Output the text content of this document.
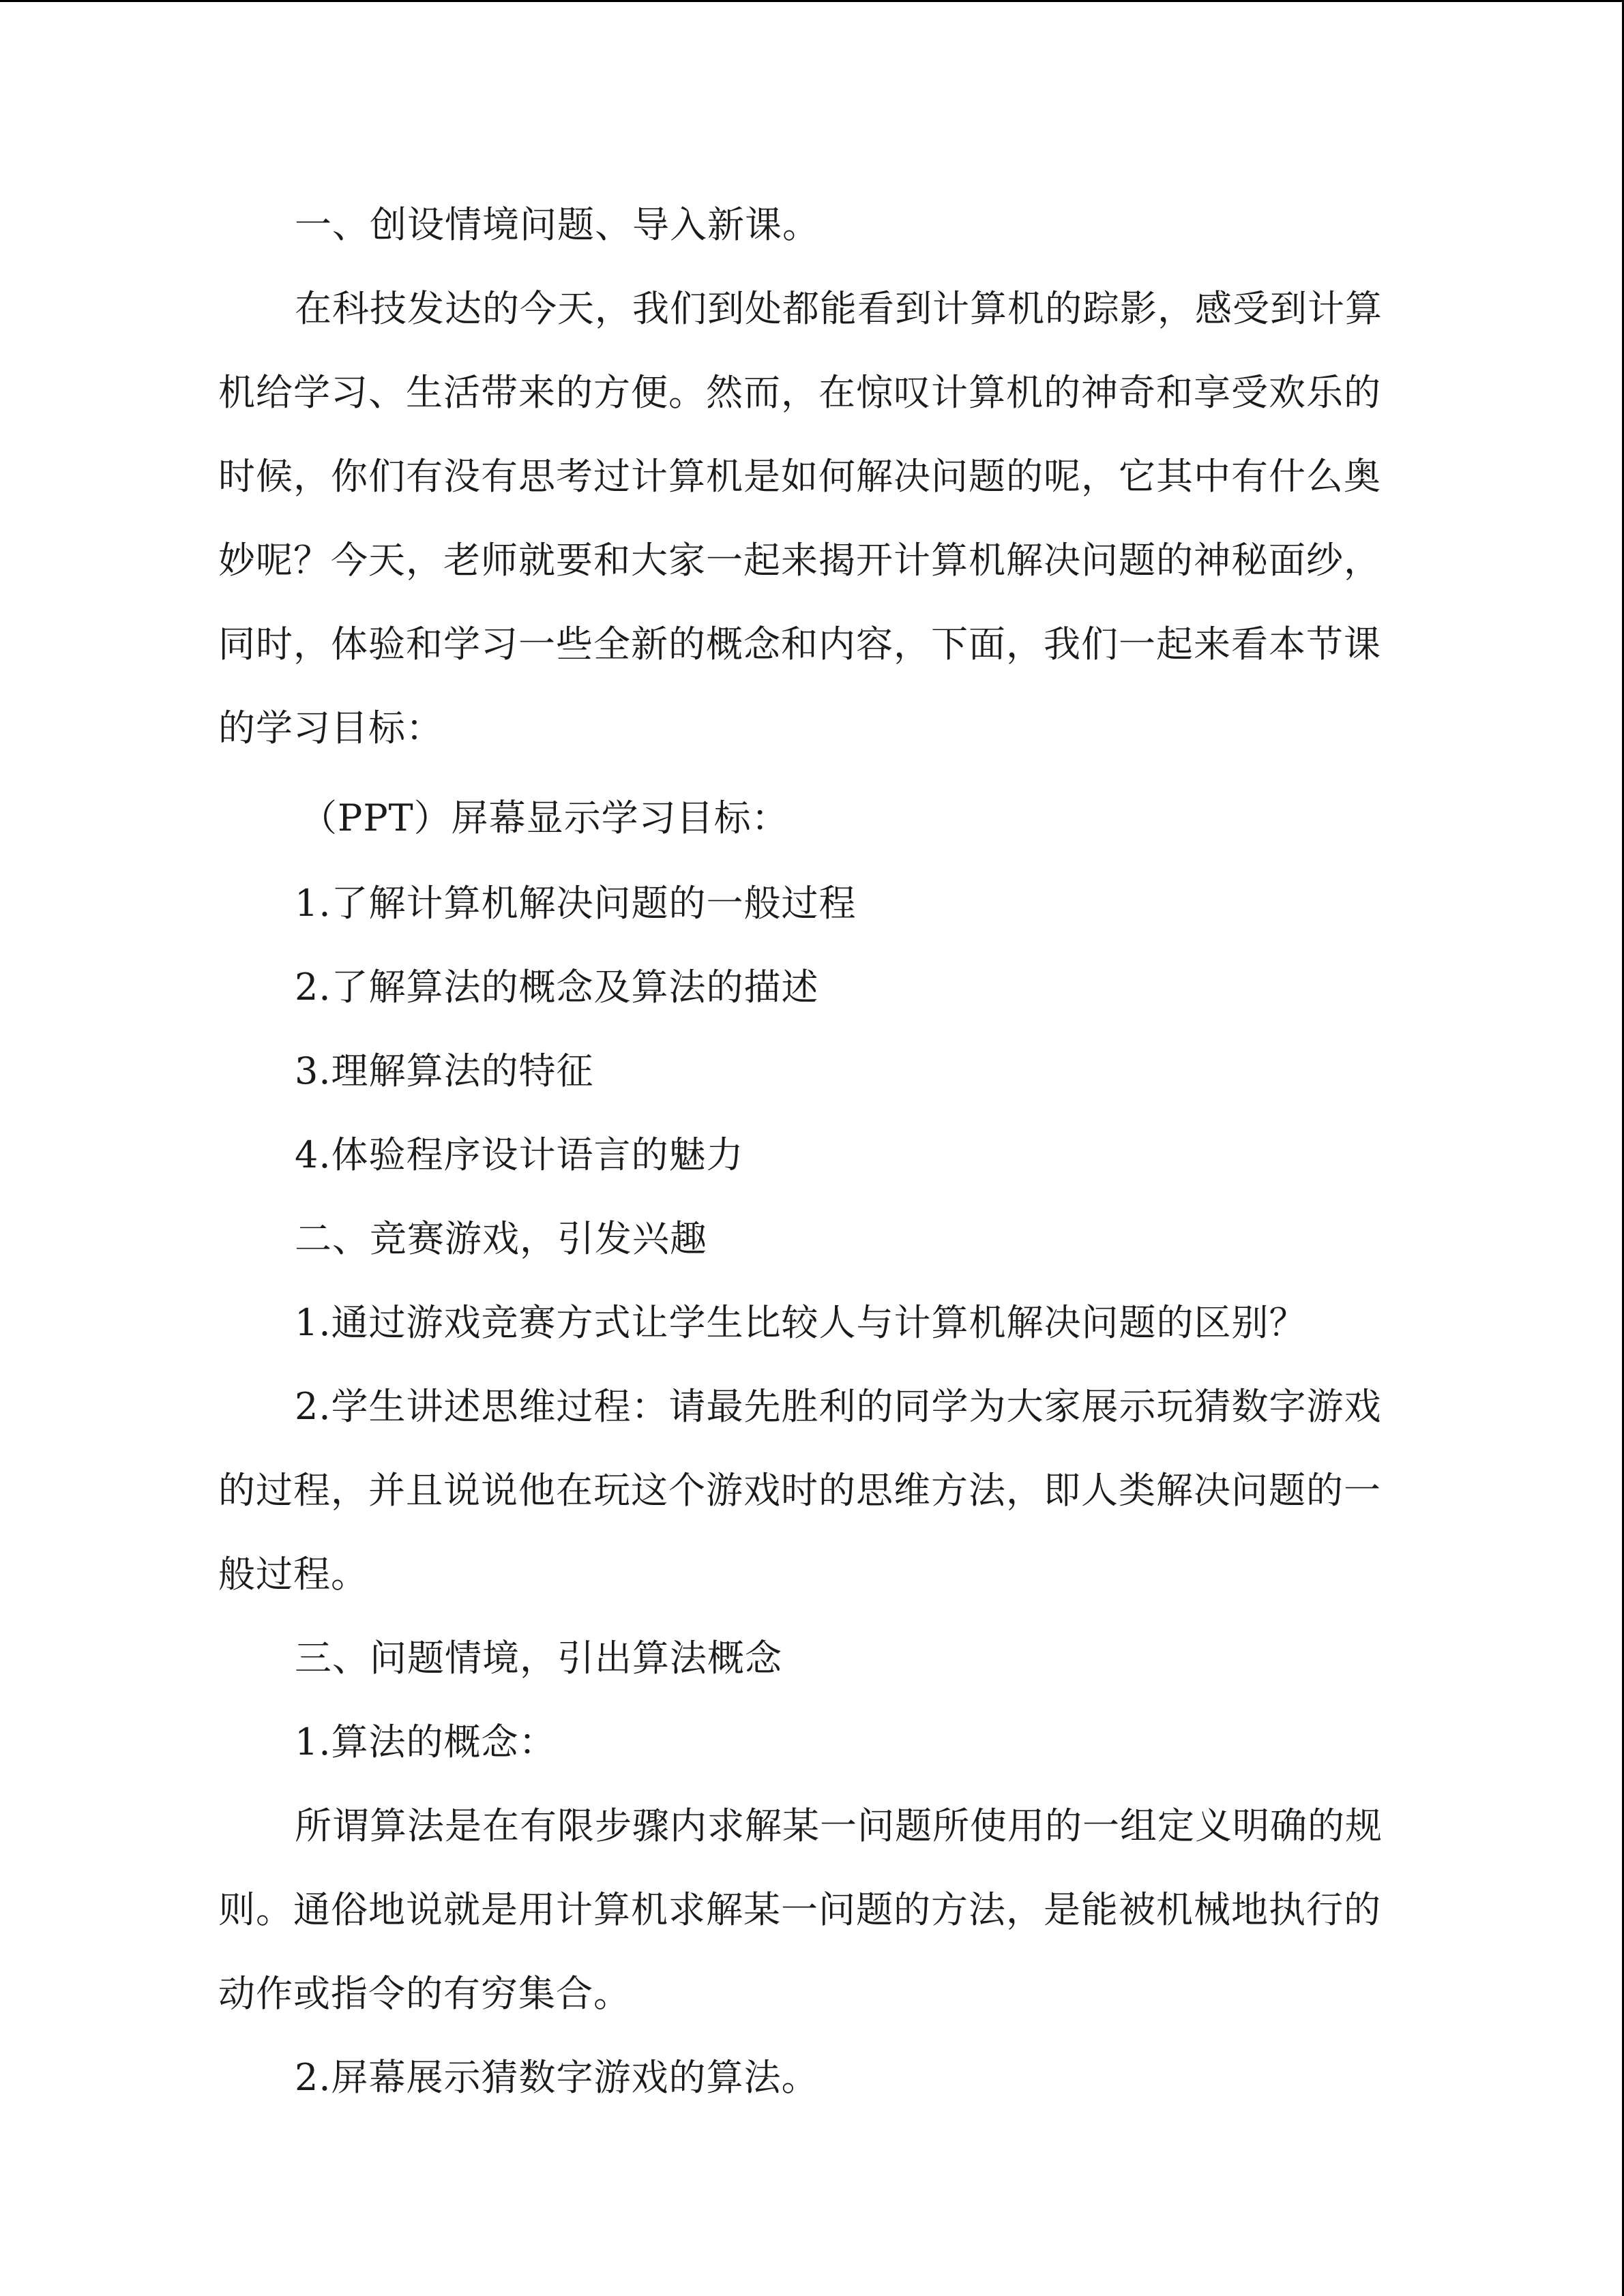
一、创设情境问题、导入新课。
在科技发达的今天，我们到处都能看到计算机的踪影，感受到计算
机给学习、生活带来的方便。然而，在惊叹计算机的神奇和享受欢乐的
时候，你们有没有思考过计算机是如何解决问题的呢，它其中有什么奥
妙呢？今天，老师就要和大家一起来揭开计算机解决问题的神秘面纱，
同时，体验和学习一些全新的概念和内容，下面，我们一起来看本节课
的学习目标：
（PPT）屏幕显示学习目标：
1.了解计算机解决问题的一般过程
2.了解算法的概念及算法的描述
3.理解算法的特征
4.体验程序设计语言的魅力
二、竞赛游戏，引发兴趣
1.通过游戏竞赛方式让学生比较人与计算机解决问题的区别？
2.学生讲述思维过程：请最先胜利的同学为大家展示玩猜数字游戏
的过程，并且说说他在玩这个游戏时的思维方法，即人类解决问题的一
般过程。
三、问题情境，引出算法概念
1.算法的概念：
所谓算法是在有限步骤内求解某一问题所使用的一组定义明确的规
则。通俗地说就是用计算机求解某一问题的方法，是能被机械地执行的
动作或指令的有穷集合。
2.屏幕展示猜数字游戏的算法。
